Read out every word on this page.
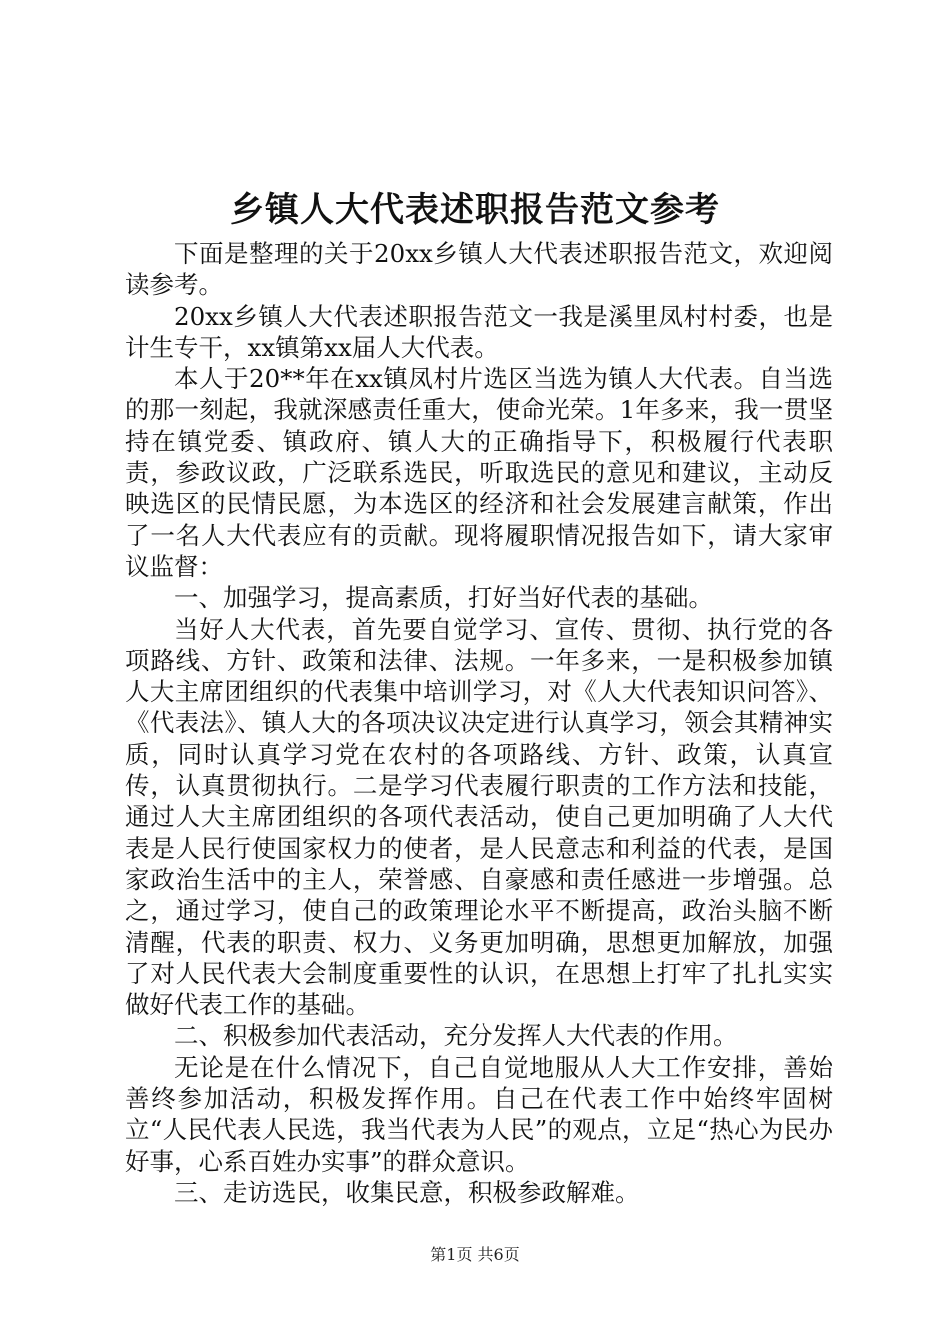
乡镇人大代表述职报告范文参考

下面是整理的关于20xx乡镇人大代表述职报告范文，欢迎阅读参考。

20xx乡镇人大代表述职报告范文一我是溪里凤村村委，也是计生专干，xx镇第xx届人大代表。

本人于20**年在xx镇凤村片选区当选为镇人大代表。自当选的那一刻起，我就深感责任重大，使命光荣。1年多来，我一贯坚持在镇党委、镇政府、镇人大的正确指导下，积极履行代表职责，参政议政，广泛联系选民，听取选民的意见和建议，主动反映选区的民情民愿，为本选区的经济和社会发展建言献策，作出了一名人大代表应有的贡献。现将履职情况报告如下，请大家审议监督：

一、加强学习，提高素质，打好当好代表的基础。

当好人大代表，首先要自觉学习、宣传、贯彻、执行党的各项路线、方针、政策和法律、法规。一年多来，一是积极参加镇人大主席团组织的代表集中培训学习，对《人大代表知识问答》、《代表法》、镇人大的各项决议决定进行认真学习，领会其精神实质，同时认真学习党在农村的各项路线、方针、政策，认真宣传，认真贯彻执行。二是学习代表履行职责的工作方法和技能，通过人大主席团组织的各项代表活动，使自己更加明确了人大代表是人民行使国家权力的使者，是人民意志和利益的代表，是国家政治生活中的主人，荣誉感、自豪感和责任感进一步增强。总之，通过学习，使自己的政策理论水平不断提高，政治头脑不断清醒，代表的职责、权力、义务更加明确，思想更加解放，加强了对人民代表大会制度重要性的认识，在思想上打牢了扎扎实实做好代表工作的基础。

二、积极参加代表活动，充分发挥人大代表的作用。

无论是在什么情况下，自己自觉地服从人大工作安排，善始善终参加活动，积极发挥作用。自己在代表工作中始终牢固树立“人民代表人民选，我当代表为人民”的观点，立足“热心为民办好事，心系百姓办实事”的群众意识。

三、走访选民，收集民意，积极参政解难。

第1页 共6页
